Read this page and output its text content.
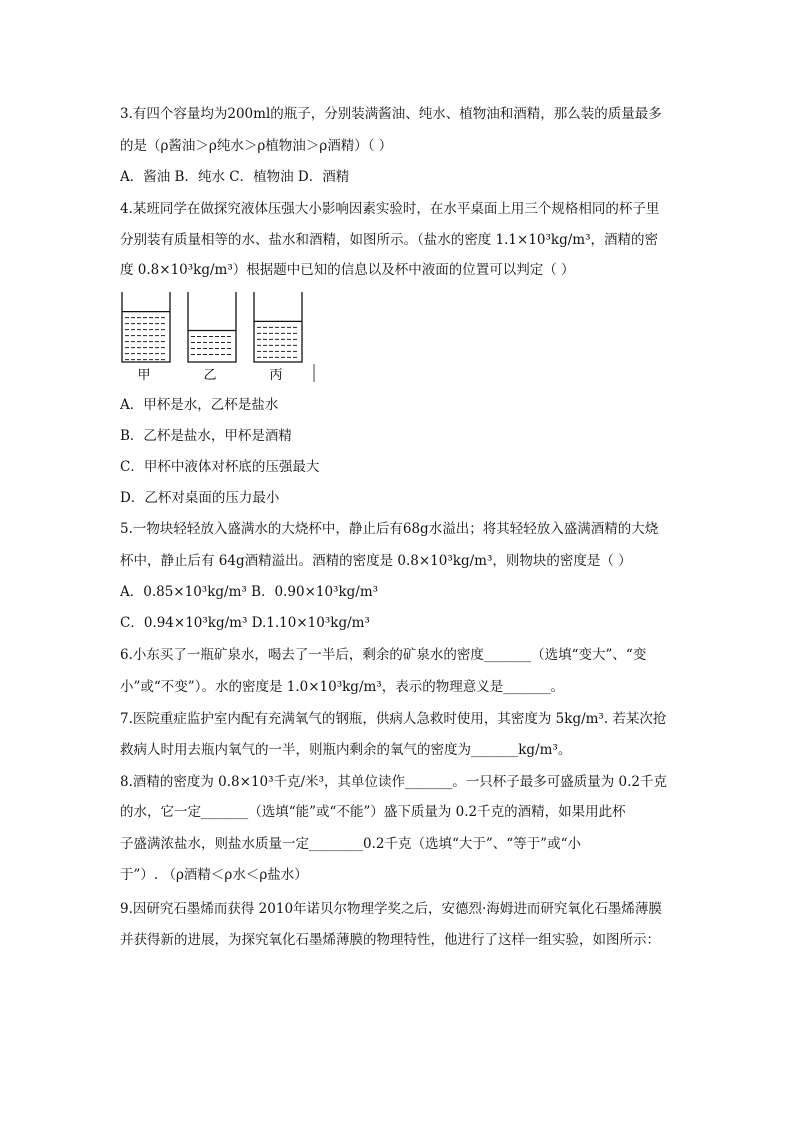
3.有四个容量均为200ml的瓶子，分别装满酱油、纯水、植物油和酒精，那么装的质量最多
的是（ρ酱油＞ρ纯水＞ρ植物油＞ρ酒精）（ ）
A．酱油 B．纯水 C．植物油 D．酒精
4.某班同学在做探究液体压强大小影响因素实验时，在水平桌面上用三个规格相同的杯子里
分别装有质量相等的水、盐水和酒精，如图所示。（盐水的密度 1.1×10³kg/m³，酒精的密
度 0.8×10³kg/m³）根据题中已知的信息以及杯中液面的位置可以判定（ ）
甲	乙	丙
A．甲杯是水，乙杯是盐水
B．乙杯是盐水，甲杯是酒精
C．甲杯中液体对杯底的压强最大
D．乙杯对桌面的压力最小
5.一物块轻轻放入盛满水的大烧杯中，静止后有68g水溢出；将其轻轻放入盛满酒精的大烧
杯中，静止后有 64g酒精溢出。酒精的密度是 0.8×10³kg/m³，则物块的密度是（ ）
A．0.85×10³kg/m³ B．0.90×10³kg/m³
C．0.94×10³kg/m³ D.1.10×10³kg/m³
6.小东买了一瓶矿泉水，喝去了一半后，剩余的矿泉水的密度_______（选填“变大”、“变
小”或“不变”）。水的密度是 1.0×10³kg/m³，表示的物理意义是_______。
7.医院重症监护室内配有充满氧气的钢瓶，供病人急救时使用，其密度为 5kg/m³. 若某次抢
救病人时用去瓶内氧气的一半，则瓶内剩余的氧气的密度为_______kg/m³。
8.酒精的密度为 0.8×10³千克/米³，其单位读作_______。一只杯子最多可盛质量为 0.2千克
的水，它一定_______（选填“能”或“不能”）盛下质量为 0.2千克的酒精，如果用此杯
子盛满浓盐水，则盐水质量一定________0.2千克（选填“大于”、“等于”或“小
于”）. （ρ酒精＜ρ水＜ρ盐水）
9.因研究石墨烯而获得 2010年诺贝尔物理学奖之后，安德烈·海姆进而研究氧化石墨烯薄膜
并获得新的进展，为探究氧化石墨烯薄膜的物理特性，他进行了这样一组实验，如图所示：
